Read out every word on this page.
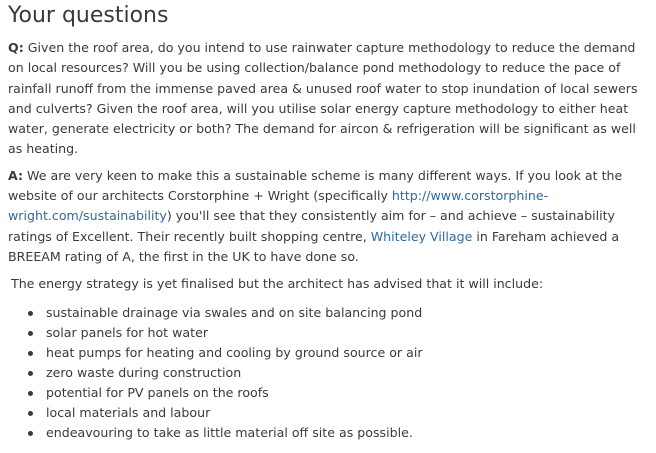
Your questions

Q: Given the roof area, do you intend to use rainwater capture methodology to reduce the demand on local resources? Will you be using collection/balance pond methodology to reduce the pace of rainfall runoff from the immense paved area & unused roof water to stop inundation of local sewers and culverts? Given the roof area, will you utilise solar energy capture methodology to either heat water, generate electricity or both? The demand for aircon & refrigeration will be significant as well as heating.

A: We are very keen to make this a sustainable scheme is many different ways. If you look at the website of our architects Corstorphine + Wright (specifically http://www.corstorphine-wright.com/sustainability) you'll see that they consistently aim for – and achieve – sustainability ratings of Excellent. Their recently built shopping centre, Whiteley Village in Fareham achieved a BREEAM rating of A, the first in the UK to have done so.

The energy strategy is yet finalised but the architect has advised that it will include:

sustainable drainage via swales and on site balancing pond
solar panels for hot water
heat pumps for heating and cooling by ground source or air
zero waste during construction
potential for PV panels on the roofs
local materials and labour
endeavouring to take as little material off site as possible.
